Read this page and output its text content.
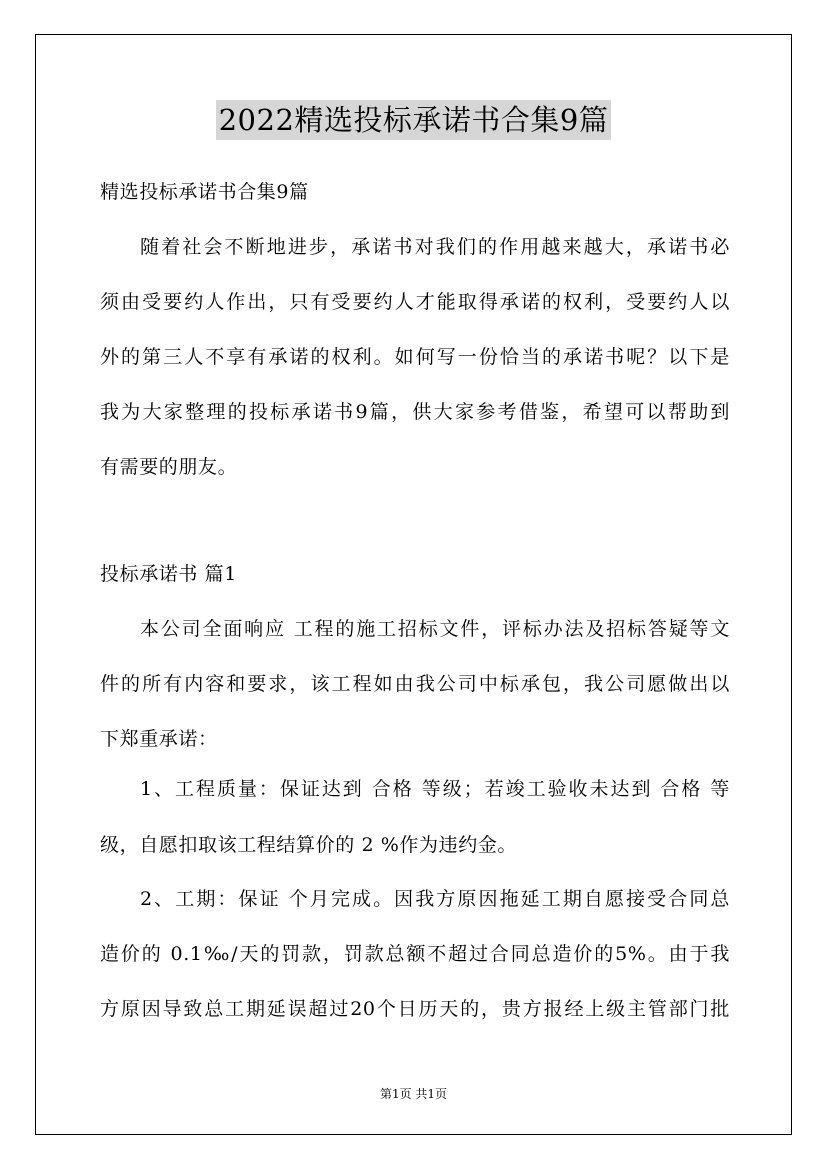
2022精选投标承诺书合集9篇
精选投标承诺书合集9篇
随着社会不断地进步，承诺书对我们的作用越来越大，承诺书必
须由受要约人作出，只有受要约人才能取得承诺的权利，受要约人以
外的第三人不享有承诺的权利。如何写一份恰当的承诺书呢？以下是
我为大家整理的投标承诺书9篇，供大家参考借鉴，希望可以帮助到
有需要的朋友。
投标承诺书 篇1
本公司全面响应 工程的施工招标文件，评标办法及招标答疑等文
件的所有内容和要求，该工程如由我公司中标承包，我公司愿做出以
下郑重承诺：
1、工程质量：保证达到 合格 等级；若竣工验收未达到 合格 等
级，自愿扣取该工程结算价的 2 %作为违约金。
2、工期：保证 个月完成。因我方原因拖延工期自愿接受合同总
造价的 0.1‰/天的罚款，罚款总额不超过合同总造价的5%。由于我
方原因导致总工期延误超过20个日历天的，贵方报经上级主管部门批
第1页 共1页
